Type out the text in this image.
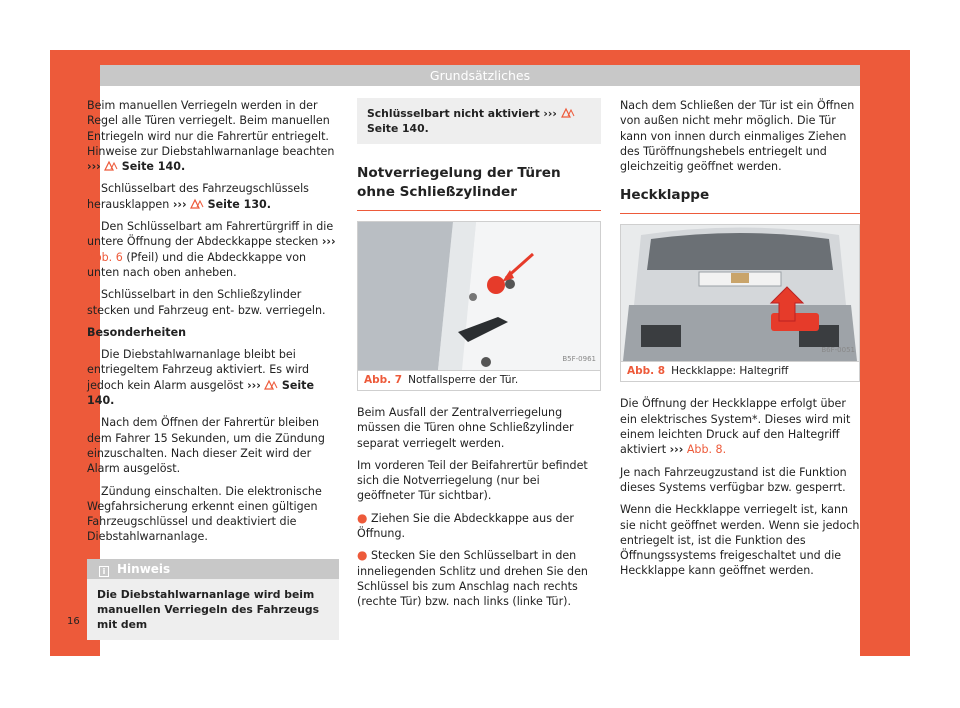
Grundsätzliches

Beim manuellen Verriegeln werden in der Regel alle Türen verriegelt. Beim manuellen Entriegeln wird nur die Fahrertür entriegelt. Hinweise zur Diebstahlwarnanlage beachten ››› Seite 140.

● Schlüsselbart des Fahrzeugschlüssels herausklappen ››› Seite 130.

● Den Schlüsselbart am Fahrertürgriff in die untere Öffnung der Abdeckkappe stecken ››› Abb. 6 (Pfeil) und die Abdeckkappe von unten nach oben anheben.

● Schlüsselbart in den Schließzylinder stecken und Fahrzeug ent- bzw. verriegeln.

Besonderheiten

● Die Diebstahlwarnanlage bleibt bei entriegeltem Fahrzeug aktiviert. Es wird jedoch kein Alarm ausgelöst ››› Seite 140.

● Nach dem Öffnen der Fahrertür bleiben dem Fahrer 15 Sekunden, um die Zündung einzuschalten. Nach dieser Zeit wird der Alarm ausgelöst.

● Zündung einschalten. Die elektronische Wegfahrsicherung erkennt einen gültigen Fahrzeugschlüssel und deaktiviert die Diebstahlwarnanlage.

i Hinweis
Die Diebstahlwarnanlage wird beim manuellen Verriegeln des Fahrzeugs mit dem
Schlüsselbart nicht aktiviert ›››  Seite 140.
Notverriegelung der Türen ohne Schließzylinder
B5F-0961
Abb. 7 Notfallsperre der Tür.

Beim Ausfall der Zentralverriegelung müssen die Türen ohne Schließzylinder separat verriegelt werden.

Im vorderen Teil der Beifahrertür befindet sich die Notverriegelung (nur bei geöffneter Tür sichtbar).

● Ziehen Sie die Abdeckkappe aus der Öffnung.

● Stecken Sie den Schlüsselbart in den inneliegenden Schlitz und drehen Sie den Schlüssel bis zum Anschlag nach rechts (rechte Tür) bzw. nach links (linke Tür).

Nach dem Schließen der Tür ist ein Öffnen von außen nicht mehr möglich. Die Tür kann von innen durch einmaliges Ziehen des Türöffnungshebels entriegelt und gleichzeitig geöffnet werden.

Heckklappe
B6F-0051
Abb. 8 Heckklappe: Haltegriff

Die Öffnung der Heckklappe erfolgt über ein elektrisches System*. Dieses wird mit einem leichten Druck auf den Haltegriff aktiviert ››› Abb. 8.

Je nach Fahrzeugzustand ist die Funktion dieses Systems verfügbar bzw. gesperrt.

Wenn die Heckklappe verriegelt ist, kann sie nicht geöffnet werden. Wenn sie jedoch entriegelt ist, ist die Funktion des Öffnungssystems freigeschaltet und die Heckklappe kann geöffnet werden.

16
